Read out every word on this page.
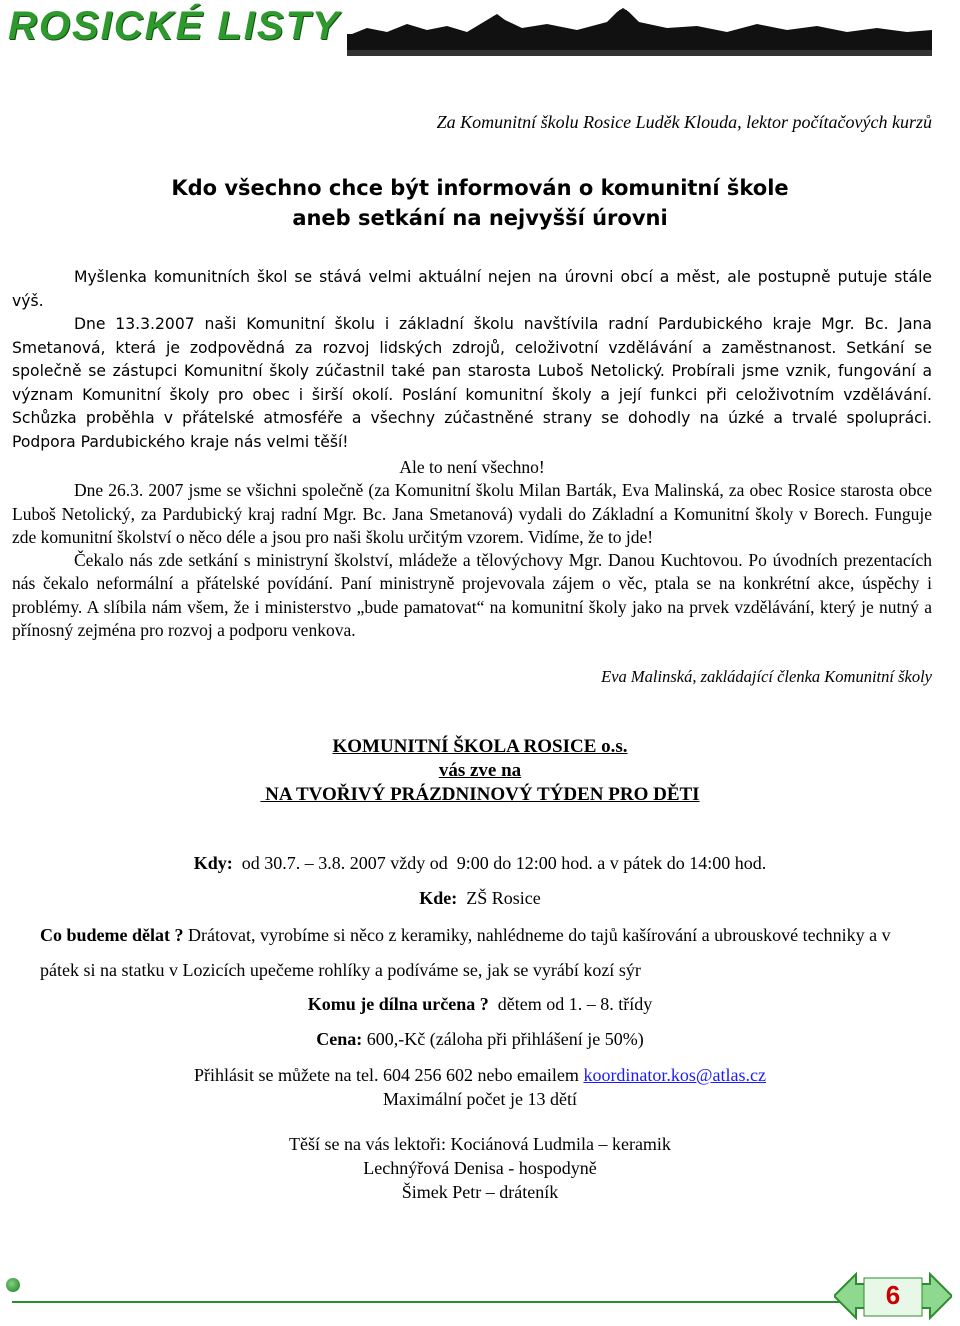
ROSICKÉ LISTY
Za Komunitní školu Rosice Luděk Klouda, lektor počítačových kurzů
Kdo všechno chce být informován o komunitní škole
aneb setkání na nejvyšší úrovni

Myšlenka komunitních škol se stává velmi aktuální nejen na úrovni obcí a měst, ale postupně putuje stále výš.

Dne 13.3.2007 naši Komunitní školu i základní školu navštívila radní Pardubického kraje Mgr. Bc. Jana Smetanová, která je zodpovědná za rozvoj lidských zdrojů, celoživotní vzdělávání a zaměstnanost. Setkání se společně se zástupci Komunitní školy zúčastnil také pan starosta Luboš Netolický. Probírali jsme vznik, fungování a význam Komunitní školy pro obec i širší okolí. Poslání komunitní školy a její funkci při celoživotním vzdělávání. Schůzka proběhla v přátelské atmosféře a všechny zúčastněné strany se dohodly na úzké a trvalé spolupráci. Podpora Pardubického kraje nás velmi těší!

Ale to není všechno!

Dne 26.3. 2007 jsme se všichni společně (za Komunitní školu Milan Barták, Eva Malinská, za obec Rosice starosta obce Luboš Netolický, za Pardubický kraj radní Mgr. Bc. Jana Smetanová) vydali do Základní a Komunitní školy v Borech. Funguje zde komunitní školství o něco déle a jsou pro naši školu určitým vzorem. Vidíme, že to jde!

Čekalo nás zde setkání s ministryní školství, mládeže a tělovýchovy Mgr. Danou Kuchtovou. Po úvodních prezentacích nás čekalo neformální a přátelské povídání. Paní ministryně projevovala zájem o věc, ptala se na konkrétní akce, úspěchy i problémy. A slíbila nám všem, že i ministerstvo „bude pamatovat“ na komunitní školy jako na prvek vzdělávání, který je nutný a přínosný zejména pro rozvoj a podporu venkova.

Eva Malinská, zakládající členka Komunitní školy
KOMUNITNÍ ŠKOLA ROSICE o.s.
vás zve na
NA TVOŘIVÝ PRÁZDNINOVÝ TÝDEN PRO DĚTI
Kdy:  od 30.7. – 3.8. 2007 vždy od  9:00 do 12:00 hod. a v pátek do 14:00 hod.
Kde:  ZŠ Rosice
Co budeme dělat ? Drátovat, vyrobíme si něco z keramiky, nahlédneme do tajů kašírování a ubrouskové techniky a v pátek si na statku v Lozicích upečeme rohlíky a podíváme se, jak se vyrábí kozí sýr
Komu je dílna určena ?  dětem od 1. – 8. třídy
Cena: 600,-Kč (záloha při přihlášení je 50%)
Přihlásit se můžete na tel. 604 256 602 nebo emailem koordinator.kos@atlas.cz
Maximální počet je 13 dětí
Těší se na vás lektoři: Kociánová Ludmila – keramik
Lechnýřová Denisa - hospodyně
Šimek Petr – dráteník
6
